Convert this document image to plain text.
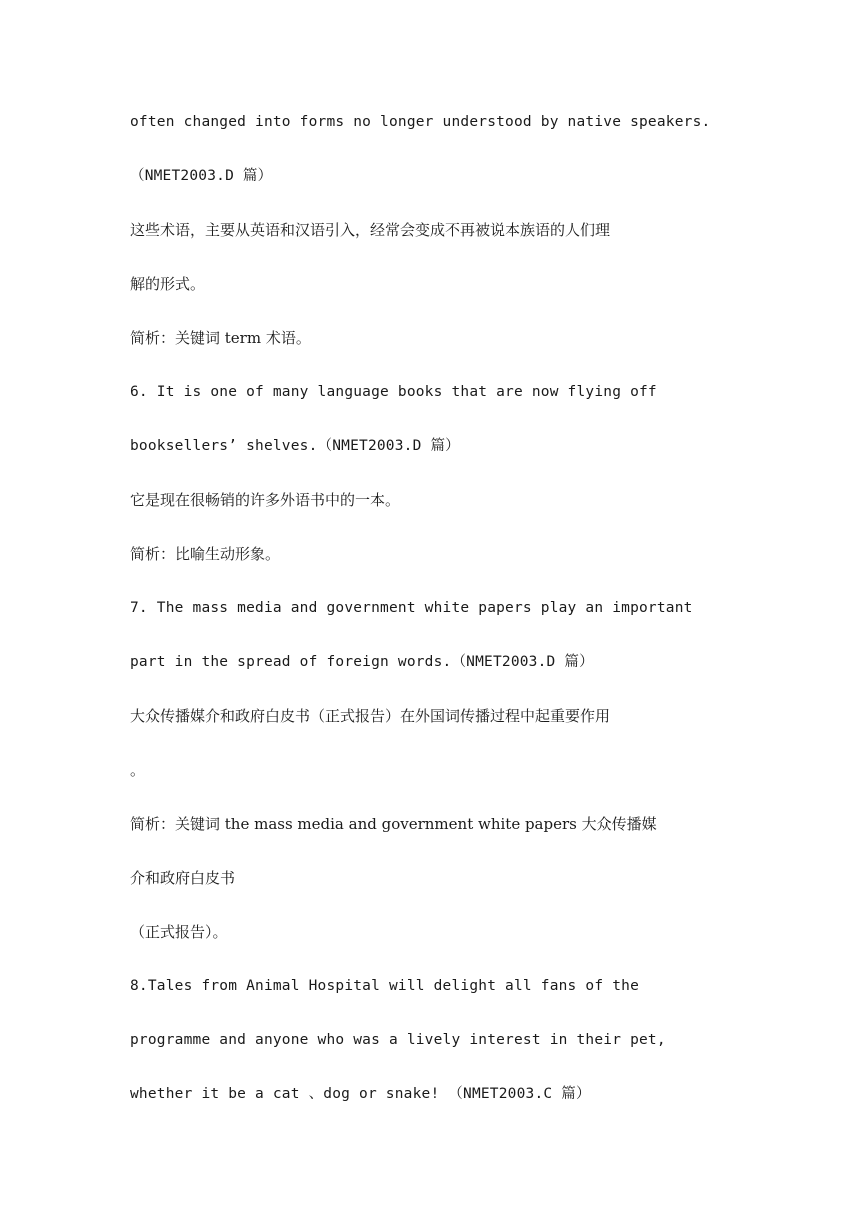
often changed into forms no longer understood by native speakers.

（NMET2003.D 篇）

这些术语，主要从英语和汉语引入，经常会变成不再被说本族语的人们理

解的形式。

简析：关键词 term 术语。

6. It is one of many language books that are now flying off

booksellers’ shelves.（NMET2003.D 篇）

它是现在很畅销的许多外语书中的一本。

简析：比喻生动形象。

7. The mass media and government white papers play an important

part in the spread of foreign words.（NMET2003.D 篇）

大众传播媒介和政府白皮书（正式报告）在外国词传播过程中起重要作用

。

简析：关键词 the mass media and government white papers 大众传播媒

介和政府白皮书

（正式报告）。

8.Tales from Animal Hospital will delight all fans of the

programme and anyone who was a lively interest in their pet,

whether it be a cat 、dog or snake! （NMET2003.C 篇）
